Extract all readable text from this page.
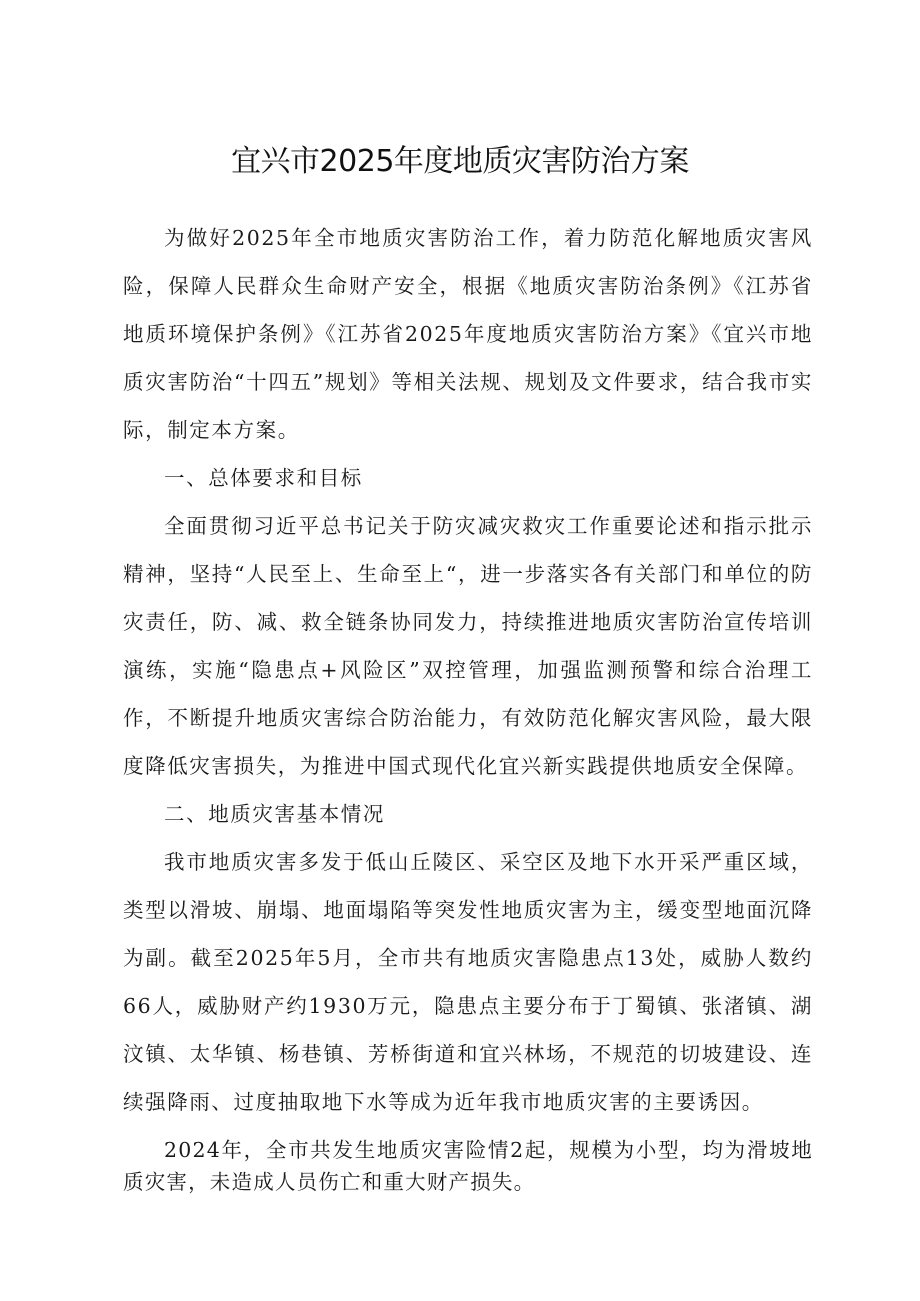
宜兴市2025年度地质灾害防治方案

为做好2025年全市地质灾害防治工作，着力防范化解地质灾害风险，保障人民群众生命财产安全，根据《地质灾害防治条例》《江苏省地质环境保护条例》《江苏省2025年度地质灾害防治方案》《宜兴市地质灾害防治“十四五”规划》等相关法规、规划及文件要求，结合我市实际，制定本方案。

一、总体要求和目标

全面贯彻习近平总书记关于防灾减灾救灾工作重要论述和指示批示精神，坚持“人民至上、生命至上“，进一步落实各有关部门和单位的防灾责任，防、减、救全链条协同发力，持续推进地质灾害防治宣传培训演练，实施“隐患点+风险区”双控管理，加强监测预警和综合治理工作，不断提升地质灾害综合防治能力，有效防范化解灾害风险，最大限度降低灾害损失，为推进中国式现代化宜兴新实践提供地质安全保障。

二、地质灾害基本情况

我市地质灾害多发于低山丘陵区、采空区及地下水开采严重区域，类型以滑坡、崩塌、地面塌陷等突发性地质灾害为主，缓变型地面沉降为副。截至2025年5月，全市共有地质灾害隐患点13处，威胁人数约66人，威胁财产约1930万元，隐患点主要分布于丁蜀镇、张渚镇、湖汶镇、太华镇、杨巷镇、芳桥街道和宜兴林场，不规范的切坡建设、连续强降雨、过度抽取地下水等成为近年我市地质灾害的主要诱因。

2024年，全市共发生地质灾害险情2起，规模为小型，均为滑坡地质灾害，未造成人员伤亡和重大财产损失。
